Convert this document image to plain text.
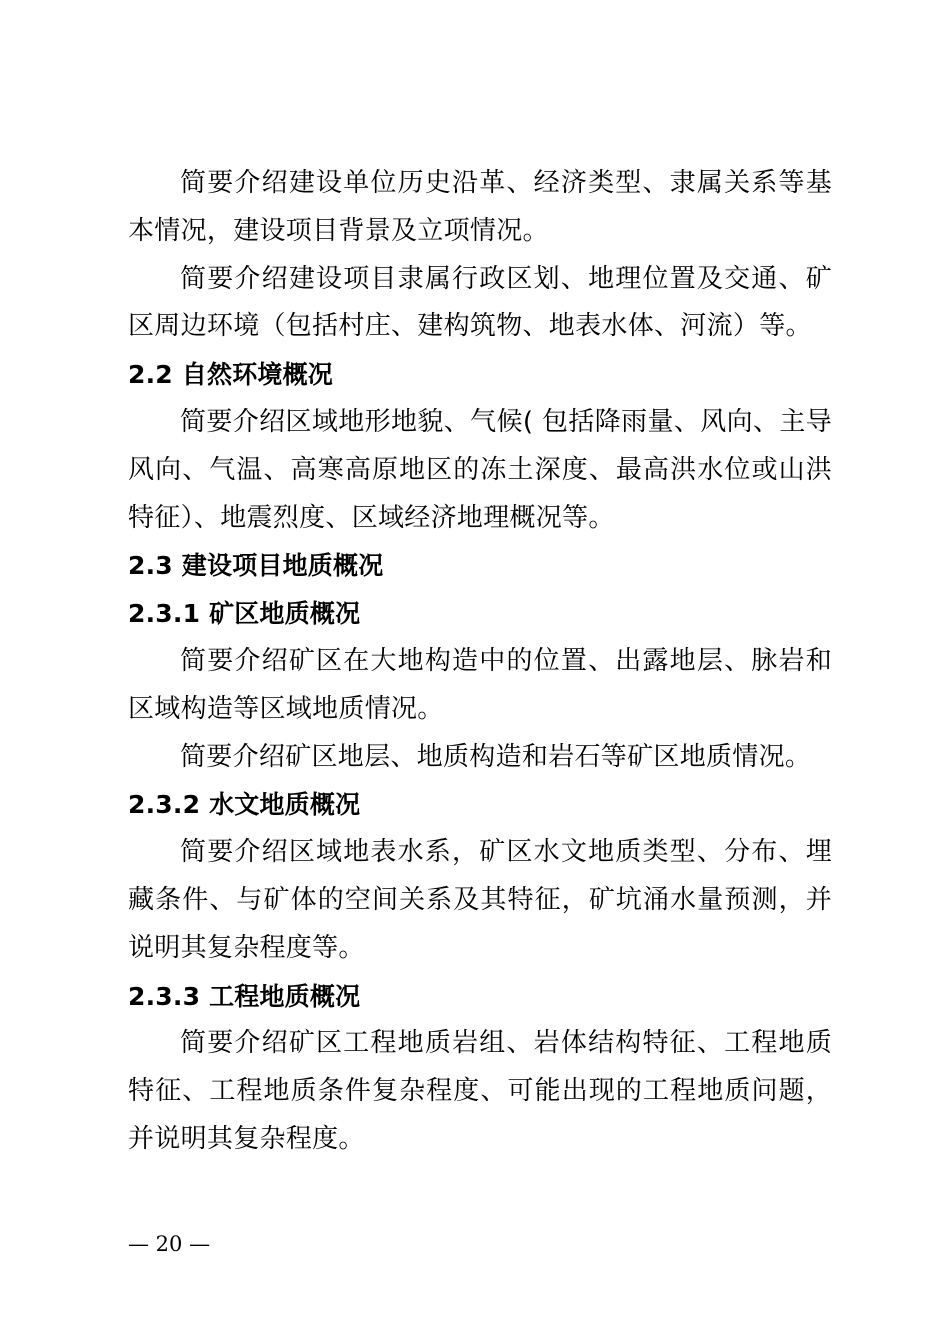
简要介绍建设单位历史沿革、经济类型、隶属关系等基本情况，建设项目背景及立项情况。

简要介绍建设项目隶属行政区划、地理位置及交通、矿区周边环境（包括村庄、建构筑物、地表水体、河流）等。

2.2 自然环境概况

简要介绍区域地形地貌、气候( 包括降雨量、风向、主导风向、气温、高寒高原地区的冻土深度、最高洪水位或山洪特征）、地震烈度、区域经济地理概况等。

2.3 建设项目地质概况

2.3.1 矿区地质概况

简要介绍矿区在大地构造中的位置、出露地层、脉岩和区域构造等区域地质情况。

简要介绍矿区地层、地质构造和岩石等矿区地质情况。

2.3.2 水文地质概况

简要介绍区域地表水系，矿区水文地质类型、分布、埋藏条件、与矿体的空间关系及其特征，矿坑涌水量预测，并说明其复杂程度等。

2.3.3 工程地质概况

简要介绍矿区工程地质岩组、岩体结构特征、工程地质特征、工程地质条件复杂程度、可能出现的工程地质问题，并说明其复杂程度。

— 20 —
